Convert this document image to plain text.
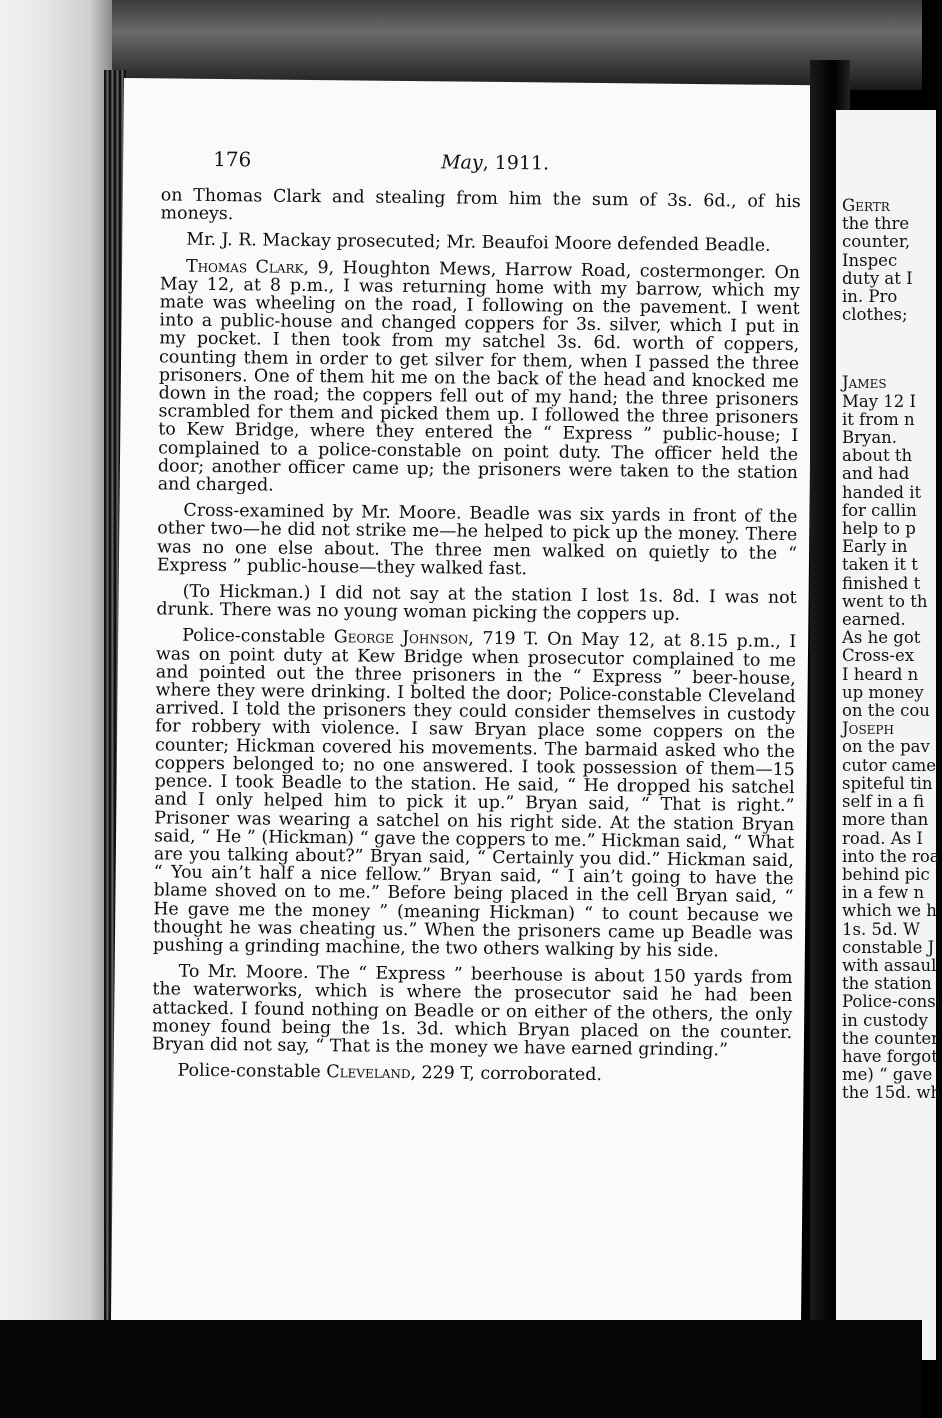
176	May, 1911.

on Thomas Clark and stealing from him the sum of 3s. 6d., of his moneys.

Mr. J. R. Mackay prosecuted; Mr. Beaufoi Moore defended Beadle.

Thomas Clark, 9, Houghton Mews, Harrow Road, costermonger. On May 12, at 8 p.m., I was returning home with my barrow, which my mate was wheeling on the road, I following on the pavement. I went into a public-house and changed coppers for 3s. silver, which I put in my pocket. I then took from my satchel 3s. 6d. worth of coppers, counting them in order to get silver for them, when I passed the three prisoners. One of them hit me on the back of the head and knocked me down in the road; the coppers fell out of my hand; the three prisoners scrambled for them and picked them up. I followed the three prisoners to Kew Bridge, where they entered the “ Express ” public-house; I complained to a police-constable on point duty. The officer held the door; another officer came up; the prisoners were taken to the station and charged.

Cross-examined by Mr. Moore. Beadle was six yards in front of the other two—he did not strike me—he helped to pick up the money. There was no one else about. The three men walked on quietly to the “ Express ” public-house—they walked fast.

(To Hickman.) I did not say at the station I lost 1s. 8d. I was not drunk. There was no young woman picking the coppers up.

Police-constable George Johnson, 719 T. On May 12, at 8.15 p.m., I was on point duty at Kew Bridge when prosecutor complained to me and pointed out the three prisoners in the “ Express ” beer-house, where they were drinking. I bolted the door; Police-constable Cleveland arrived. I told the prisoners they could consider themselves in custody for robbery with violence. I saw Bryan place some coppers on the counter; Hickman covered his movements. The barmaid asked who the coppers belonged to; no one answered. I took possession of them—15 pence. I took Beadle to the station. He said, “ He dropped his satchel and I only helped him to pick it up.” Bryan said, “ That is right.” Prisoner was wearing a satchel on his right side. At the station Bryan said, “ He ” (Hickman) “ gave the coppers to me.” Hickman said, “ What are you talking about?” Bryan said, “ Certainly you did.” Hickman said, “ You ain’t half a nice fellow.” Bryan said, “ I ain’t going to have the blame shoved on to me.” Before being placed in the cell Bryan said, “ He gave me the money ” (meaning Hickman) “ to count because we thought he was cheating us.” When the prisoners came up Beadle was pushing a grinding machine, the two others walking by his side.

To Mr. Moore. The “ Express ” beerhouse is about 150 yards from the waterworks, which is where the prosecutor said he had been attacked. I found nothing on Beadle or on either of the others, the only money found being the 1s. 3d. which Bryan placed on the counter. Bryan did not say, “ That is the money we have earned grinding.”

Police-constable Cleveland, 229 T, corroborated.

Gertr
the thre
counter,
Inspec
duty at I
in. Pro
clothes;
James
May 12 I
it from n
Bryan.
about th
and had
handed it
for callin
help to p
Early in
taken it t
finished t
went to th
earned.
As he got
Cross-ex
I heard n
up money
on the cou
Joseph
on the pav
cutor came
spiteful tin
self in a fi
more than
road. As I
into the roa
behind pic
in a few n
which we h
1s. 5d. W
constable J
with assaul
the station
Police-const
in custody
the counter.
have forgot
me) “ gave
the 15d. wh
